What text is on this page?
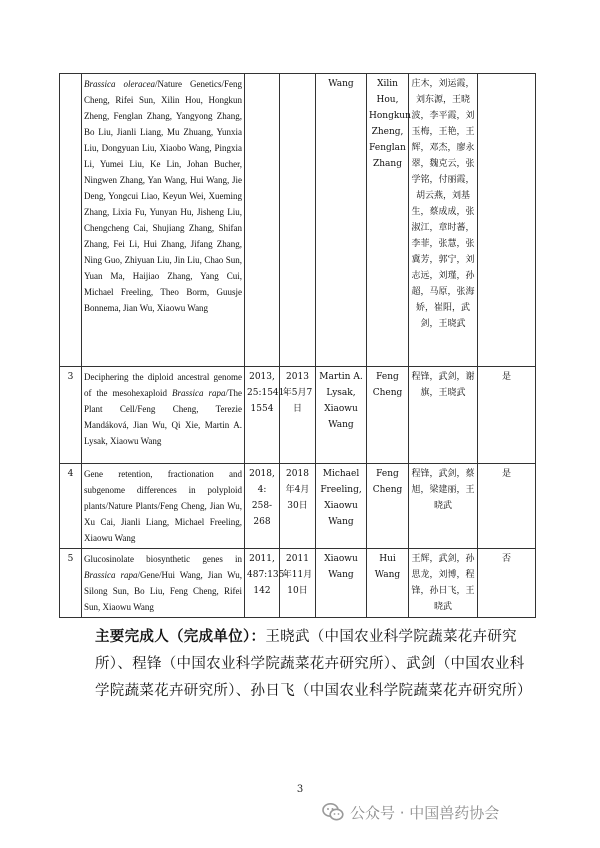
	Brassica oleracea/Nature Genetics/Feng Cheng, Rifei Sun, Xilin Hou, Hongkun Zheng, Fenglan Zhang, Yangyong Zhang, Bo Liu, Jianli Liang, Mu Zhuang, Yunxia Liu, Dongyuan Liu, Xiaobo Wang, Pingxia Li, Yumei Liu, Ke Lin, Johan Bucher, Ningwen Zhang, Yan Wang, Hui Wang, Jie Deng, Yongcui Liao, Keyun Wei, Xueming Zhang, Lixia Fu, Yunyan Hu, Jisheng Liu, Chengcheng Cai, Shujiang Zhang, Shifan Zhang, Fei Li, Hui Zhang, Jifang Zhang, Ning Guo, Zhiyuan Liu, Jin Liu, Chao Sun, Yuan Ma, Haijiao Zhang, Yang Cui, Michael Freeling, Theo Borm, Guusje Bonnema, Jian Wu, Xiaowu Wang			Wang	Xilin Hou, Hongkun Zheng, Fenglan Zhang	庄木，刘运霞，刘东源，王晓波，李平霞，刘玉梅，王艳，王辉，邓杰，廖永翠，魏克云，张学铭，付丽霞，胡云燕，刘基生，蔡成成，张淑江，章时蕃，李菲，张慧，张冀芳，郭宁，刘志远，刘瑾，孙超，马原，张海娇，崔阳，武剑，王晓武	
3	Deciphering the diploid ancestral genome of the mesohexaploid Brassica rapa/The Plant Cell/Feng Cheng, Terezie Mandáková, Jian Wu, Qi Xie, Martin A. Lysak, Xiaowu Wang	2013, 25:1541-1554	2013年5月7日	Martin A. Lysak, Xiaowu Wang	Feng Cheng	程锋，武剑，谢旗，王晓武	是
4	Gene retention, fractionation and subgenome differences in polyploid plants/Nature Plants/Feng Cheng, Jian Wu, Xu Cai, Jianli Liang, Michael Freeling, Xiaowu Wang	2018, 4: 258-268	2018年4月30日	Michael Freeling, Xiaowu Wang	Feng Cheng	程锋，武剑，蔡旭，梁建丽，王晓武	是
5	Glucosinolate biosynthetic genes in Brassica rapa/Gene/Hui Wang, Jian Wu, Silong Sun, Bo Liu, Feng Cheng, Rifei Sun, Xiaowu Wang	2011, 487:135-142	2011年11月10日	Xiaowu Wang	Hui Wang	王辉，武剑，孙思龙，刘博，程锋，孙日飞，王晓武	否
主要完成人（完成单位）：王晓武（中国农业科学院蔬菜花卉研究所）、程锋（中国农业科学院蔬菜花卉研究所）、武剑（中国农业科学院蔬菜花卉研究所）、孙日飞（中国农业科学院蔬菜花卉研究所）
3
公众号 · 中国兽药协会
